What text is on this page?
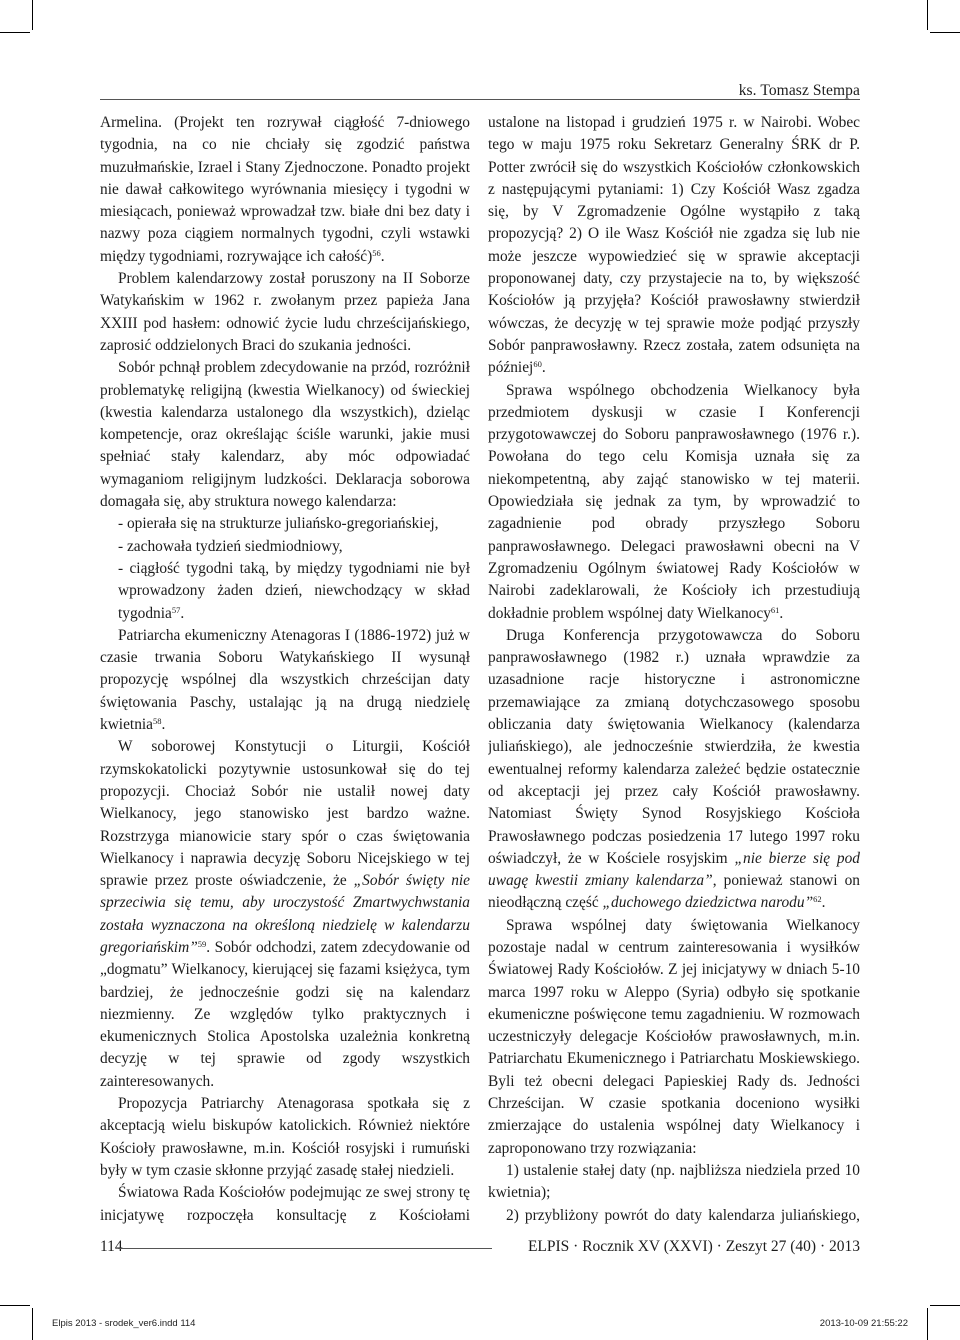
ks. Tomasz Stempa

Armelina. (Projekt ten rozrywał ciągłość 7-dniowego tygodnia, na co nie chciały się zgodzić państwa muzułmańskie, Izrael i Stany Zjednoczone. Ponadto projekt nie dawał całkowitego wyrównania miesięcy i tygodni w miesiącach, ponieważ wprowadzał tzw. białe dni bez daty i nazwy poza ciągiem normalnych tygodni, czyli wstawki między tygodniami, rozrywające ich całość)$^{56}$.

Problem kalendarzowy został poruszony na II Soborze Watykańskim w 1962 r. zwołanym przez papieża Jana XXIII pod hasłem: odnowić życie ludu chrześcijańskiego, zaprosić oddzielonych Braci do szukania jedności.

Sobór pchnął problem zdecydowanie na przód, rozróżnił problematykę religijną (kwestia Wielkanocy) od świeckiej (kwestia kalendarza ustalonego dla wszystkich), dzieląc kompetencje, oraz określając ściśle warunki, jakie musi spełniać stały kalendarz, aby móc odpowiadać wymaganiom religijnym ludzkości. Deklaracja soborowa domagała się, aby struktura nowego kalendarza:

- opierała się na strukturze juliańsko-gregoriańskiej,

- zachowała tydzień siedmiodniowy,

- ciągłość tygodni taką, by między tygodniami nie był wprowadzony żaden dzień, niewchodzący w skład tygodnia$^{57}$.

Patriarcha ekumeniczny Atenagoras I (1886-1972) już w czasie trwania Soboru Watykańskiego II wysunął propozycję wspólnej dla wszystkich chrześcijan daty świętowania Paschy, ustalając ją na drugą niedzielę kwietnia$^{58}$.

W soborowej Konstytucji o Liturgii, Kościół rzymskokatolicki pozytywnie ustosunkował się do tej propozycji. Chociaż Sobór nie ustalił nowej daty Wielkanocy, jego stanowisko jest bardzo ważne. Rozstrzyga mianowicie stary spór o czas świętowania Wielkanocy i naprawia decyzję Soboru Nicejskiego w tej sprawie przez proste oświadczenie, że „Sobór święty nie sprzeciwia się temu, aby uroczystość Zmartwychwstania została wyznaczona na określoną niedzielę w kalendarzu gregoriańskim”$^{59}$. Sobór odchodzi, zatem zdecydowanie od „dogmatu” Wielkanocy, kierującej się fazami księżyca, tym bardziej, że jednocześnie godzi się na kalendarz niezmienny. Ze względów tylko praktycznych i ekumenicznych Stolica Apostolska uzależnia konkretną decyzję w tej sprawie od zgody wszystkich zainteresowanych.

Propozycja Patriarchy Atenagorasa spotkała się z akceptacją wielu biskupów katolickich. Również niektóre Kościoły prawosławne, m.in. Kościół rosyjski i rumuński były w tym czasie skłonne przyjąć zasadę stałej niedzieli.

Światowa Rada Kościołów podejmując ze swej strony tę inicjatywę rozpoczęła konsultację z Kościołami

ustalone na listopad i grudzień 1975 r. w Nairobi. Wobec tego w maju 1975 roku Sekretarz Generalny ŚRK dr P. Potter zwrócił się do wszystkich Kościołów członkowskich z następującymi pytaniami: 1) Czy Kościół Wasz zgadza się, by V Zgromadzenie Ogólne wystąpiło z taką propozycją? 2) O ile Wasz Kościół nie zgadza się lub nie może jeszcze wypowiedzieć się w sprawie akceptacji proponowanej daty, czy przystajecie na to, by większość Kościołów ją przyjęła? Kościół prawosławny stwierdził wówczas, że decyzję w tej sprawie może podjąć przyszły Sobór panprawosławny. Rzecz została, zatem odsunięta na później$^{60}$.

Sprawa wspólnego obchodzenia Wielkanocy była przedmiotem dyskusji w czasie I Konferencji przygotowawczej do Soboru panprawosławnego (1976 r.). Powołana do tego celu Komisja uznała się za niekompetentną, aby zająć stanowisko w tej materii. Opowiedziała się jednak za tym, by wprowadzić to zagadnienie pod obrady przyszłego Soboru panprawosławnego. Delegaci prawosławni obecni na V Zgromadzeniu Ogólnym światowej Rady Kościołów w Nairobi zadeklarowali, że Kościoły ich przestudiują dokładnie problem wspólnej daty Wielkanocy$^{61}$.

Druga Konferencja przygotowawcza do Soboru panprawosławnego (1982 r.) uznała wprawdzie za uzasadnione racje historyczne i astronomiczne przemawiające za zmianą dotychczasowego sposobu obliczania daty świętowania Wielkanocy (kalendarza juliańskiego), ale jednocześnie stwierdziła, że kwestia ewentualnej reformy kalendarza zależeć będzie ostatecznie od akceptacji jej przez cały Kościół prawosławny. Natomiast Święty Synod Rosyjskiego Kościoła Prawosławnego podczas posiedzenia 17 lutego 1997 roku oświadczył, że w Kościele rosyjskim „nie bierze się pod uwagę kwestii zmiany kalendarza”, ponieważ stanowi on nieodłączną część „duchowego dziedzictwa narodu”$^{62}$.

Sprawa wspólnej daty świętowania Wielkanocy pozostaje nadal w centrum zainteresowania i wysiłków Światowej Rady Kościołów. Z jej inicjatywy w dniach 5-10 marca 1997 roku w Aleppo (Syria) odbyło się spotkanie ekumeniczne poświęcone temu zagadnieniu. W rozmowach uczestniczyły delegacje Kościołów prawosławnych, m.in. Patriarchatu Ekumenicznego i Patriarchatu Moskiewskiego. Byli też obecni delegaci Papieskiej Rady ds. Jedności Chrześcijan. W czasie spotkania doceniono wysiłki zmierzające do ustalenia wspólnej daty Wielkanocy i zaproponowano trzy rozwiązania:

1) ustalenie stałej daty (np. najbliższa niedziela przed 10 kwietnia);

2) przybliżony powrót do daty kalendarza juliańskiego,

114	ELPIS · Rocznik XV (XXVI) · Zeszyt 27 (40) · 2013
Elpis 2013 - srodek_ver6.indd 114	2013-10-09 21:55:22
